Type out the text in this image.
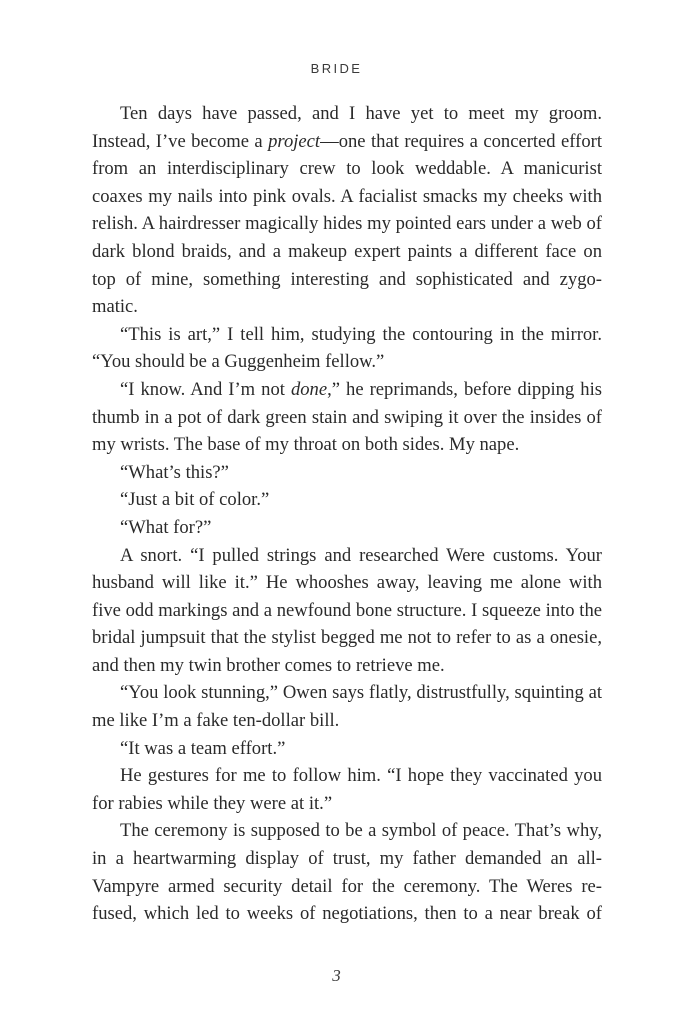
BRIDE

Ten days have passed, and I have yet to meet my groom. Instead, I’ve become a project—one that requires a concerted effort from an interdisciplinary crew to look weddable. A manicurist coaxes my nails into pink ovals. A facialist smacks my cheeks with relish. A hairdresser magically hides my pointed ears under a web of dark blond braids, and a makeup expert paints a different face on top of mine, something interesting and sophisticated and zygo-matic.

“This is art,” I tell him, studying the contouring in the mirror. “You should be a Guggenheim fellow.”

“I know. And I’m not done,” he reprimands, before dipping his thumb in a pot of dark green stain and swiping it over the insides of my wrists. The base of my throat on both sides. My nape.

“What’s this?”

“Just a bit of color.”

“What for?”

A snort. “I pulled strings and researched Were customs. Your husband will like it.” He whooshes away, leaving me alone with five odd markings and a newfound bone structure. I squeeze into the bridal jumpsuit that the stylist begged me not to refer to as a onesie, and then my twin brother comes to retrieve me.

“You look stunning,” Owen says flatly, distrustfully, squinting at me like I’m a fake ten-dollar bill.

“It was a team effort.”

He gestures for me to follow him. “I hope they vaccinated you for rabies while they were at it.”

The ceremony is supposed to be a symbol of peace. That’s why, in a heartwarming display of trust, my father demanded an all-Vampyre armed security detail for the ceremony. The Weres re-fused, which led to weeks of negotiations, then to a near break of

3
